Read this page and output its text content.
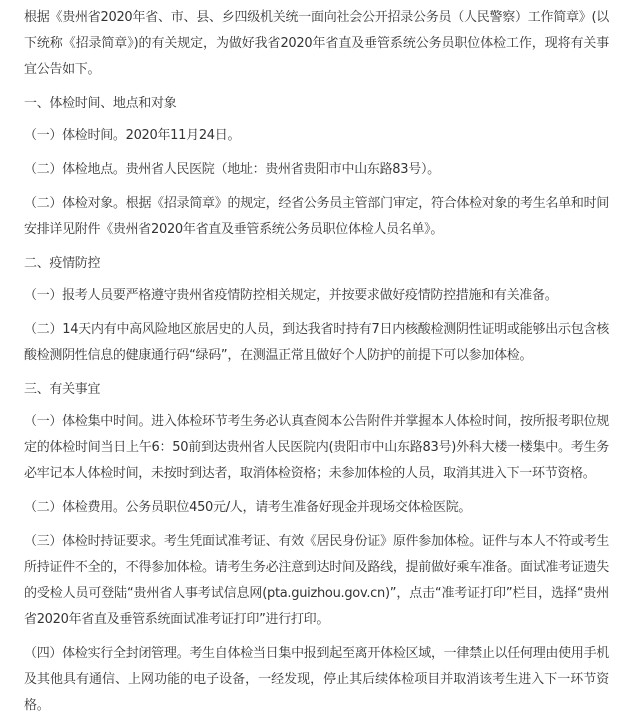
根据《贵州省2020年省、市、县、乡四级机关统一面向社会公开招录公务员（人民警察）工作简章》(以下统称《招录简章》)的有关规定，为做好我省2020年省直及垂管系统公务员职位体检工作，现将有关事宜公告如下。

一、体检时间、地点和对象

（一）体检时间。2020年11月24日。

（二）体检地点。贵州省人民医院（地址：贵州省贵阳市中山东路83号）。

（二）体检对象。根据《招录简章》的规定，经省公务员主管部门审定，符合体检对象的考生名单和时间安排详见附件《贵州省2020年省直及垂管系统公务员职位体检人员名单》。

二、疫情防控

（一）报考人员要严格遵守贵州省疫情防控相关规定，并按要求做好疫情防控措施和有关准备。

（二）14天内有中高风险地区旅居史的人员，到达我省时持有7日内核酸检测阴性证明或能够出示包含核酸检测阴性信息的健康通行码“绿码”，在测温正常且做好个人防护的前提下可以参加体检。

三、有关事宜

（一）体检集中时间。进入体检环节考生务必认真查阅本公告附件并掌握本人体检时间，按所报考职位规定的体检时间当日上午6：50前到达贵州省人民医院内(贵阳市中山东路83号)外科大楼一楼集中。考生务必牢记本人体检时间，未按时到达者，取消体检资格；未参加体检的人员，取消其进入下一环节资格。

（二）体检费用。公务员职位450元/人，请考生准备好现金并现场交体检医院。

（三）体检时持证要求。考生凭面试准考证、有效《居民身份证》原件参加体检。证件与本人不符或考生所持证件不全的，不得参加体检。请考生务必注意到达时间及路线，提前做好乘车准备。面试准考证遗失的受检人员可登陆“贵州省人事考试信息网(pta.guizhou.gov.cn)”，点击“准考证打印”栏目，选择“贵州省2020年省直及垂管系统面试准考证打印”进行打印。

（四）体检实行全封闭管理。考生自体检当日集中报到起至离开体检区域，一律禁止以任何理由使用手机及其他具有通信、上网功能的电子设备，一经发现，停止其后续体检项目并取消该考生进入下一环节资格。
